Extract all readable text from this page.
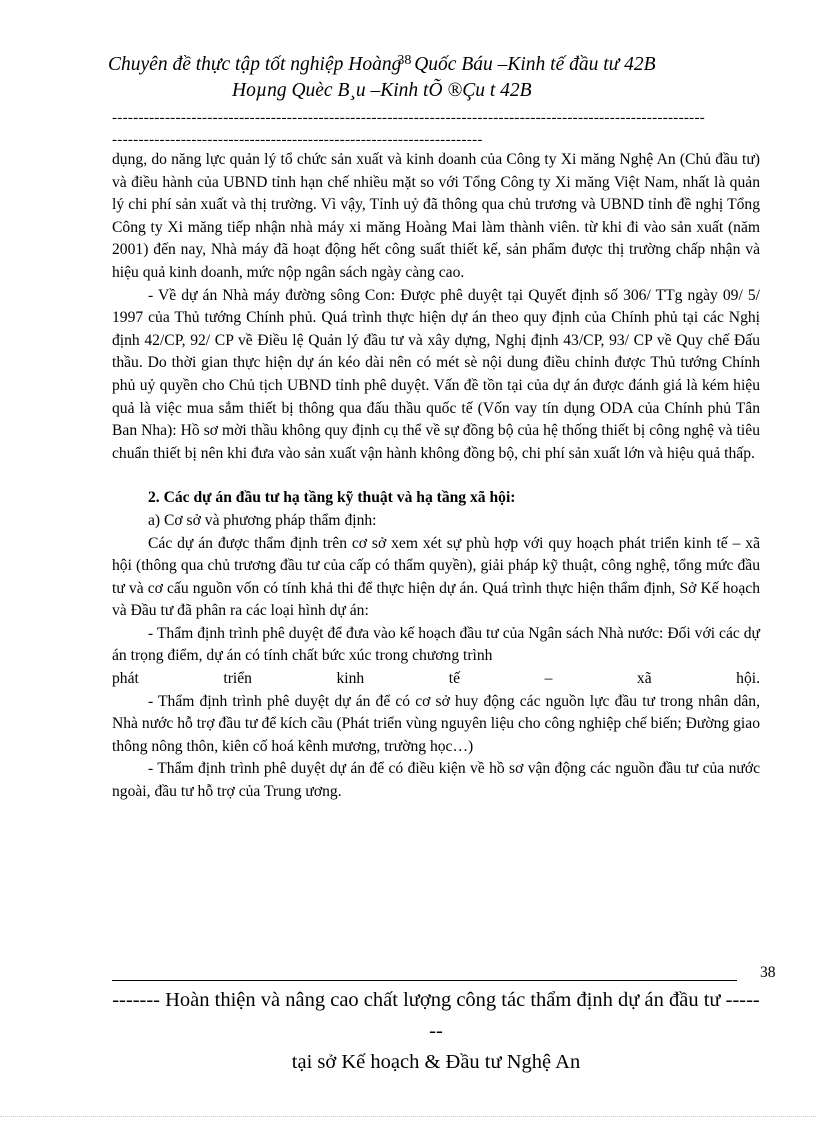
Chuyên đề thực tập tốt nghiệp Hoàng$^{38}$ Quốc Báu –Kinh tế đầu tư 42B
Hoµng Quèc B¸u –Kinh tÕ ®Çu t 42B
----------------------------------------------------------------------------------------------------------------
----------------------------------------------------------------------

dụng, do năng lực quản lý tổ chức sản xuất và kinh doanh của Công ty Xi măng Nghệ An (Chủ đầu tư) và điều hành của UBND tỉnh hạn chế nhiều mặt so với Tổng Công ty Xi măng Việt Nam, nhất là quản lý chi phí sản xuất và thị trường. Vì vậy, Tỉnh uỷ đã thông qua chủ trương và UBND tỉnh đề nghị Tổng Công ty Xi măng tiếp nhận nhà máy xi măng Hoàng Mai làm thành viên. từ khi đi vào sản xuất (năm 2001) đến nay, Nhà máy đã hoạt động hết công suất thiết kế, sản phẩm được thị trường chấp nhận và hiệu quả kinh doanh, mức nộp ngân sách ngày càng cao.

- Về dự án Nhà máy đường sông Con: Được phê duyệt tại Quyết định số 306/ TTg ngày 09/ 5/ 1997 của Thủ tướng Chính phủ. Quá trình thực hiện dự án theo quy định của Chính phủ tại các Nghị định 42/CP, 92/ CP về Điều lệ Quản lý đầu tư và xây dựng, Nghị định 43/CP, 93/ CP về Quy chế Đấu thầu. Do thời gian thực hiện dự án kéo dài nên có mét sè nội dung điều chỉnh được Thủ tướng Chính phủ uỷ quyền cho Chủ tịch UBND tỉnh phê duyệt. Vấn đề tồn tại của dự án được đánh giá là kém hiệu quả là việc mua sắm thiết bị thông qua đấu thầu quốc tế (Vốn vay tín dụng ODA của Chính phủ Tân Ban Nha): Hồ sơ mời thầu không quy định cụ thể về sự đồng bộ của hệ thống thiết bị công nghệ và tiêu chuẩn thiết bị nên khi đưa vào sản xuất vận hành không đồng bộ, chi phí sản xuất lớn và hiệu quả thấp.

2. Các dự án đầu tư hạ tầng kỹ thuật và hạ tầng xã hội:

a) Cơ sở và phương pháp thẩm định:

Các dự án được thẩm định trên cơ sở xem xét sự phù hợp với quy hoạch phát triển kinh tế – xã hội (thông qua chủ trương đầu tư của cấp có thẩm quyền), giải pháp kỹ thuật, công nghệ, tổng mức đầu tư và cơ cấu nguồn vốn có tính khả thi để thực hiện dự án. Quá trình thực hiện thẩm định, Sở Kế hoạch và Đầu tư đã phân ra các loại hình dự án:

- Thẩm định trình phê duyệt để đưa vào kế hoạch đầu tư của Ngân sách Nhà nước: Đối với các dự án trọng điểm, dự án có tính chất bức xúc trong chương trình

phát triển kinh tế – xã hội.

- Thẩm định trình phê duyệt dự án để có cơ sở huy động các nguồn lực đầu tư trong nhân dân, Nhà nước hỗ trợ đầu tư để kích cầu (Phát triển vùng nguyên liệu cho công nghiệp chế biến; Đường giao thông nông thôn, kiên cố hoá kênh mương, trường học…)

- Thẩm định trình phê duyệt dự án để có điều kiện về hồ sơ vận động các nguồn đầu tư của nước ngoài, đầu tư hỗ trợ của Trung ương.

38
------- Hoàn thiện và nâng cao chất lượng công tác thẩm định dự án đầu tư -------
tại sở Kế hoạch & Đầu tư Nghệ An
